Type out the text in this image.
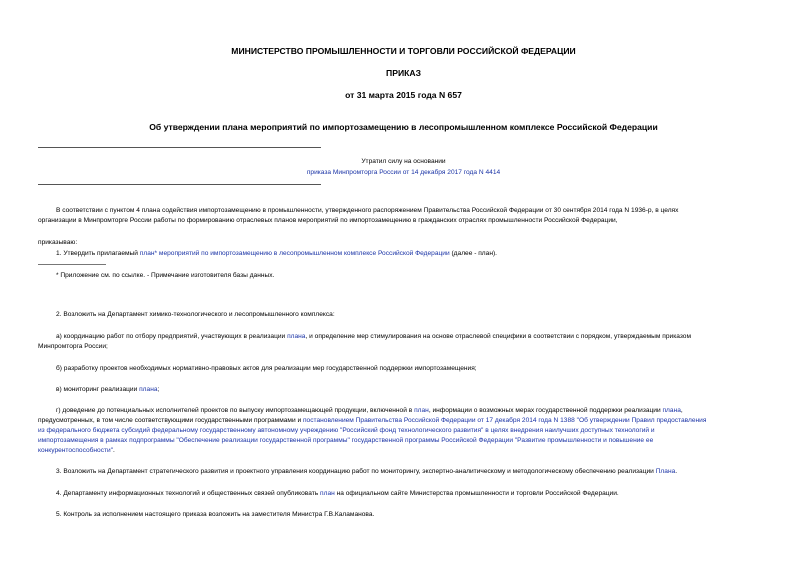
МИНИСТЕРСТВО ПРОМЫШЛЕННОСТИ И ТОРГОВЛИ РОССИЙСКОЙ ФЕДЕРАЦИИ
ПРИКАЗ
от 31 марта 2015 года N 657
Об утверждении плана мероприятий по импортозамещению в лесопромышленном комплексе Российской Федерации
Утратил силу на основании
приказа Минпромторга России от 14 декабря 2017 года N 4414
В соответствии с пунктом 4 плана содействия импортозамещению в промышленности, утвержденного распоряжением Правительства Российской Федерации от 30 сентября 2014 года N 1936-р, в целях
организации в Минпромторге России работы по формированию отраслевых планов мероприятий по импортозамещению в гражданских отраслях промышленности Российской Федерации,
приказываю:
1. Утвердить прилагаемый план* мероприятий по импортозамещению в лесопромышленном комплексе Российской Федерации (далее - план).
* Приложение см. по ссылке. - Примечание изготовителя базы данных.
2. Возложить на Департамент химико-технологического и лесопромышленного комплекса:
а) координацию работ по отбору предприятий, участвующих в реализации плана, и определение мер стимулирования на основе отраслевой специфики в соответствии с порядком, утверждаемым приказом
Минпромторга России;
б) разработку проектов необходимых нормативно-правовых актов для реализации мер государственной поддержки импортозамещения;
в) мониторинг реализации плана;
г) доведение до потенциальных исполнителей проектов по выпуску импортозамещающей продукции, включенной в план, информации о возможных мерах государственной поддержки реализации плана,
предусмотренных, в том числе соответствующими государственными программами и постановлением Правительства Российской Федерации от 17 декабря 2014 года N 1388 "Об утверждении Правил предоставления
из федерального бюджета субсидий федеральному государственному автономному учреждению "Российский фонд технологического развития" в целях внедрения наилучших доступных технологий и
импортозамещения в рамках подпрограммы "Обеспечение реализации государственной программы" государственной программы Российской Федерации "Развитие промышленности и повышение ее
конкурентоспособности".
3. Возложить на Департамент стратегического развития и проектного управления координацию работ по мониторингу, экспертно-аналитическому и методологическому обеспечению реализации Плана.
4. Департаменту информационных технологий и общественных связей опубликовать план на официальном сайте Министерства промышленности и торговли Российской Федерации.
5. Контроль за исполнением настоящего приказа возложить на заместителя Министра Г.В.Каламанова.
